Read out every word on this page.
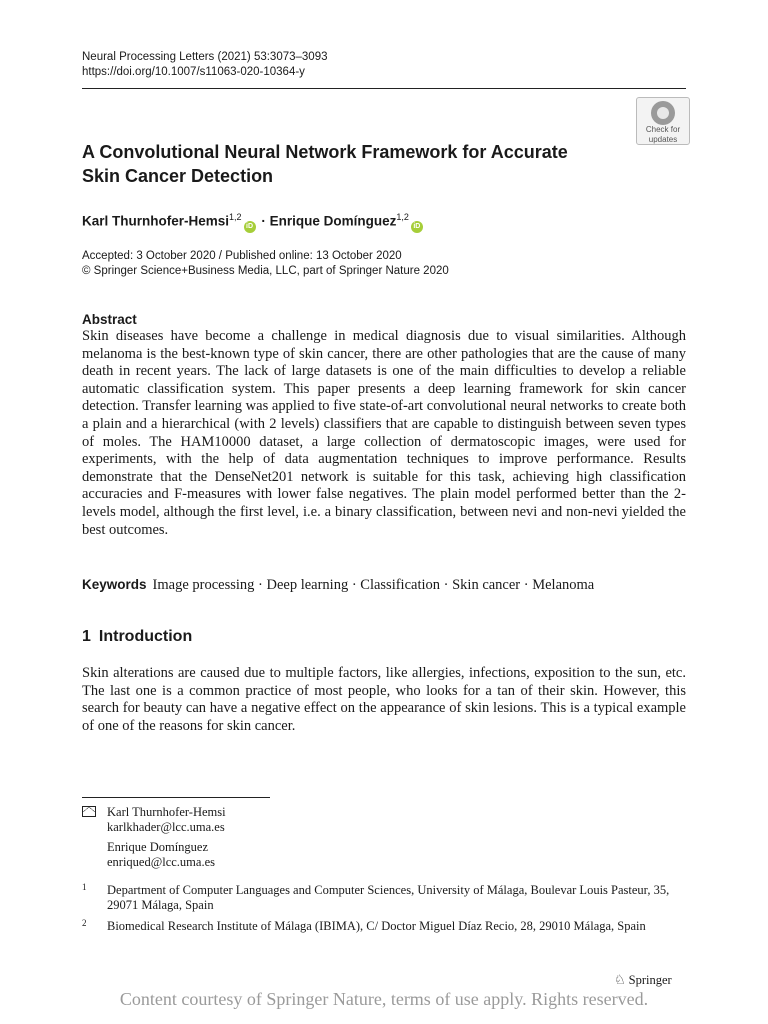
Neural Processing Letters (2021) 53:3073–3093
https://doi.org/10.1007/s11063-020-10364-y
Check for
updates
A Convolutional Neural Network Framework for Accurate
Skin Cancer Detection
Karl Thurnhofer-Hemsi$^{1,2}$iD · Enrique Domínguez$^{1,2}$iD
Accepted: 3 October 2020 / Published online: 13 October 2020
© Springer Science+Business Media, LLC, part of Springer Nature 2020
Abstract
Skin diseases have become a challenge in medical diagnosis due to visual similarities. Although melanoma is the best-known type of skin cancer, there are other pathologies that are the cause of many death in recent years. The lack of large datasets is one of the main difficulties to develop a reliable automatic classification system. This paper presents a deep learning framework for skin cancer detection. Transfer learning was applied to five state-of-art convolutional neural networks to create both a plain and a hierarchical (with 2 levels) classifiers that are capable to distinguish between seven types of moles. The HAM10000 dataset, a large collection of dermatoscopic images, were used for experiments, with the help of data augmentation techniques to improve performance. Results demonstrate that the DenseNet201 network is suitable for this task, achieving high classification accuracies and F-measures with lower false negatives. The plain model performed better than the 2-levels model, although the first level, i.e. a binary classification, between nevi and non-nevi yielded the best outcomes.
Keywords Image processing · Deep learning · Classification · Skin cancer · Melanoma
1 Introduction
Skin alterations are caused due to multiple factors, like allergies, infections, exposition to the sun, etc. The last one is a common practice of most people, who looks for a tan of their skin. However, this search for beauty can have a negative effect on the appearance of skin lesions. This is a typical example of one of the reasons for skin cancer.
Karl Thurnhofer-Hemsi
karlkhader@lcc.uma.es
Enrique Domínguez
enriqued@lcc.uma.es
1 Department of Computer Languages and Computer Sciences, University of Málaga, Boulevar Louis Pasteur, 35, 29071 Málaga, Spain
2 Biomedical Research Institute of Málaga (IBIMA), C/ Doctor Miguel Díaz Recio, 28, 29010 Málaga, Spain
♘ Springer
Content courtesy of Springer Nature, terms of use apply. Rights reserved.
